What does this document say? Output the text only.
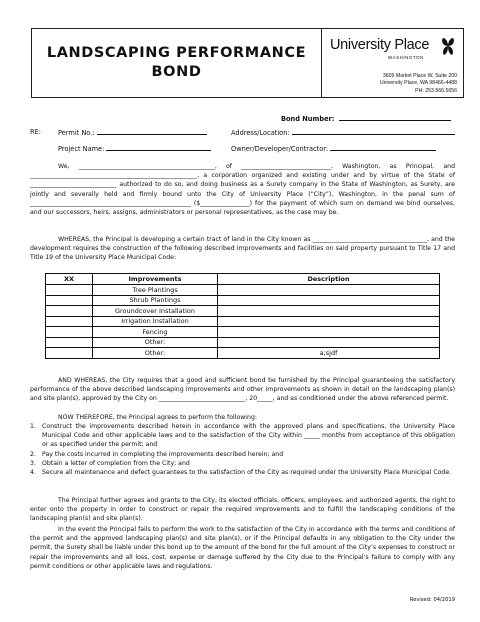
LANDSCAPING PERFORMANCE
BOND
University Place
WASHINGTON
3609 Market Place W, Suite 200
University Place, WA 98466-4488
PH: 253.566.5656
Bond Number:
RE:	Permit No.:	Address/Location:
Project Name:	Owner/Developer/Contractor:
We, ____________________________________________, of _____________________________, Washington, as Principal, and ______________________________________________________, a corporation organized and existing under and by virtue of the State of ____________________________ authorized to do so, and doing business as a Surety company in the State of Washington, as Surety, are jointly and severally held and firmly bound unto the City of University Place (“City”), Washington, in the penal sum of ____________________________________________________ ($________________) for the payment of which sum on demand we bind ourselves, and our successors, heirs, assigns, administrators or personal representatives, as the case may be.
WHEREAS, the Principal is developing a certain tract of land in the City known as _____________________________________, and the development requires the construction of the following described improvements and facilities on said property pursuant to Title 17 and Title 19 of the University Place Municipal Code:
XX	Improvements	Description
	Tree Plantings	
	Shrub Plantings	
	Groundcover Installation	
	Irrigation Installation	
	Fencing	
	Other:	
	Other:	a;sjdf
AND WHEREAS, the City requires that a good and sufficient bond be furnished by the Principal guaranteeing the satisfactory performance of the above described landscaping improvements and other improvements as shown in detail on the landscaping plan(s) and site plan(s), approved by the City on ____________________________, 20_____, and as conditioned under the above referenced permit.
NOW THEREFORE, the Principal agrees to perform the following:
1. Construct the improvements described herein in accordance with the approved plans and specifications, the University Place Municipal Code and other applicable laws and to the satisfaction of the City within _____ months from acceptance of this obligation or as specified under the permit; and
2. Pay the costs incurred in completing the improvements described herein; and
3. Obtain a letter of completion from the City; and
4. Secure all maintenance and defect guarantees to the satisfaction of the City as required under the University Place Municipal Code.
The Principal further agrees and grants to the City, its elected officials, officers, employees, and authorized agents, the right to enter onto the property in order to construct or repair the required improvements and to fulfill the landscaping conditions of the landscaping plan(s) and site plan(s).
In the event the Principal fails to perform the work to the satisfaction of the City in accordance with the terms and conditions of the permit and the approved landscaping plan(s) and site plan(s), or if the Principal defaults in any obligation to the City under the permit, the Surety shall be liable under this bond up to the amount of the bond for the full amount of the City’s expenses to construct or repair the improvements and all loss, cost, expense or damage suffered by the City due to the Principal’s failure to comply with any permit conditions or other applicable laws and regulations.
Revised: 04/2019
